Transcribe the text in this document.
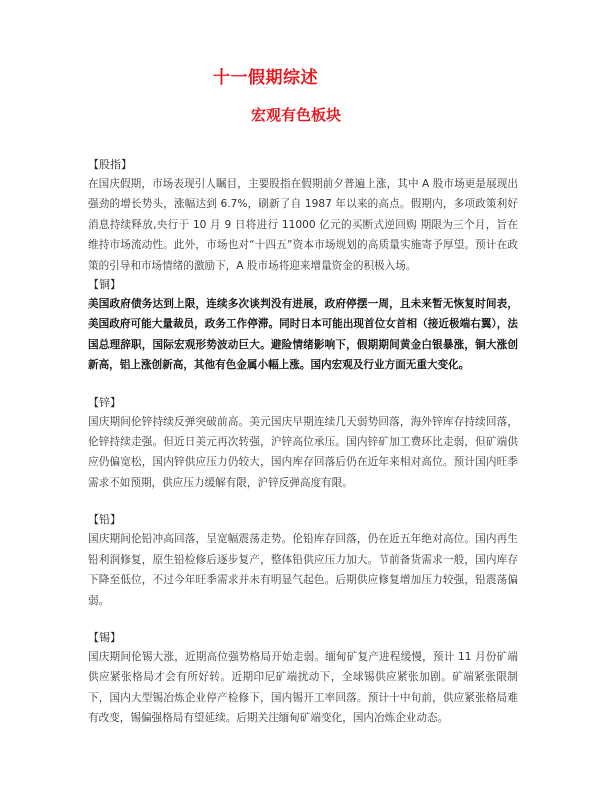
十一假期综述
宏观有色板块
【股指】

在国庆假期，市场表现引人瞩目，主要股指在假期前夕普遍上涨，其中 A 股市场更是展现出强劲的增长势头，涨幅达到 6.7%，刷新了自 1987 年以来的高点。假期内，多项政策利好消息持续释放,央行于 10 月 9 日将进行 11000 亿元的买断式逆回购 期限为三个月，旨在维持市场流动性。此外，市场也对“十四五”资本市场规划的高质量实施寄予厚望。预计在政策的引导和市场情绪的激励下，A 股市场将迎来增量资金的积极入场。

【铜】

美国政府债务达到上限，连续多次谈判没有进展，政府停摆一周，且未来暂无恢复时间表，美国政府可能大量裁员，政务工作停滞。同时日本可能出现首位女首相（接近极端右翼），法国总理辞职，国际宏观形势波动巨大。避险情绪影响下，假期期间黄金白银暴涨，铜大涨创新高，铝上涨创新高，其他有色金属小幅上涨。国内宏观及行业方面无重大变化。

【锌】

国庆期间伦锌持续反弹突破前高。美元国庆早期连续几天弱势回落，海外锌库存持续回落，伦锌持续走强。但近日美元再次转强，沪锌高位承压。国内锌矿加工费环比走弱，但矿端供应仍偏宽松，国内锌供应压力仍较大，国内库存回落后仍在近年来相对高位。预计国内旺季需求不如预期，供应压力缓解有限，沪锌反弹高度有限。

【铅】

国庆期间伦铅冲高回落，呈宽幅震荡走势。伦铅库存回落，仍在近五年绝对高位。国内再生铅利润修复，原生铅检修后逐步复产，整体铅供应压力加大。节前备货需求一般，国内库存下降至低位，不过今年旺季需求并未有明显气起色。后期供应修复增加压力较强，铅震荡偏弱。

【锡】

国庆期间伦锡大涨，近期高位强势格局开始走弱。缅甸矿复产进程缓慢，预计 11 月份矿端供应紧张格局才会有所好转。近期印尼矿端扰动下，全球锡供应紧张加剧。矿端紧张限制下，国内大型锡冶炼企业停产检修下，国内锡开工率回落。预计十中旬前，供应紧张格局难有改变，锡偏强格局有望延续。后期关注缅甸矿端变化，国内冶炼企业动态。
